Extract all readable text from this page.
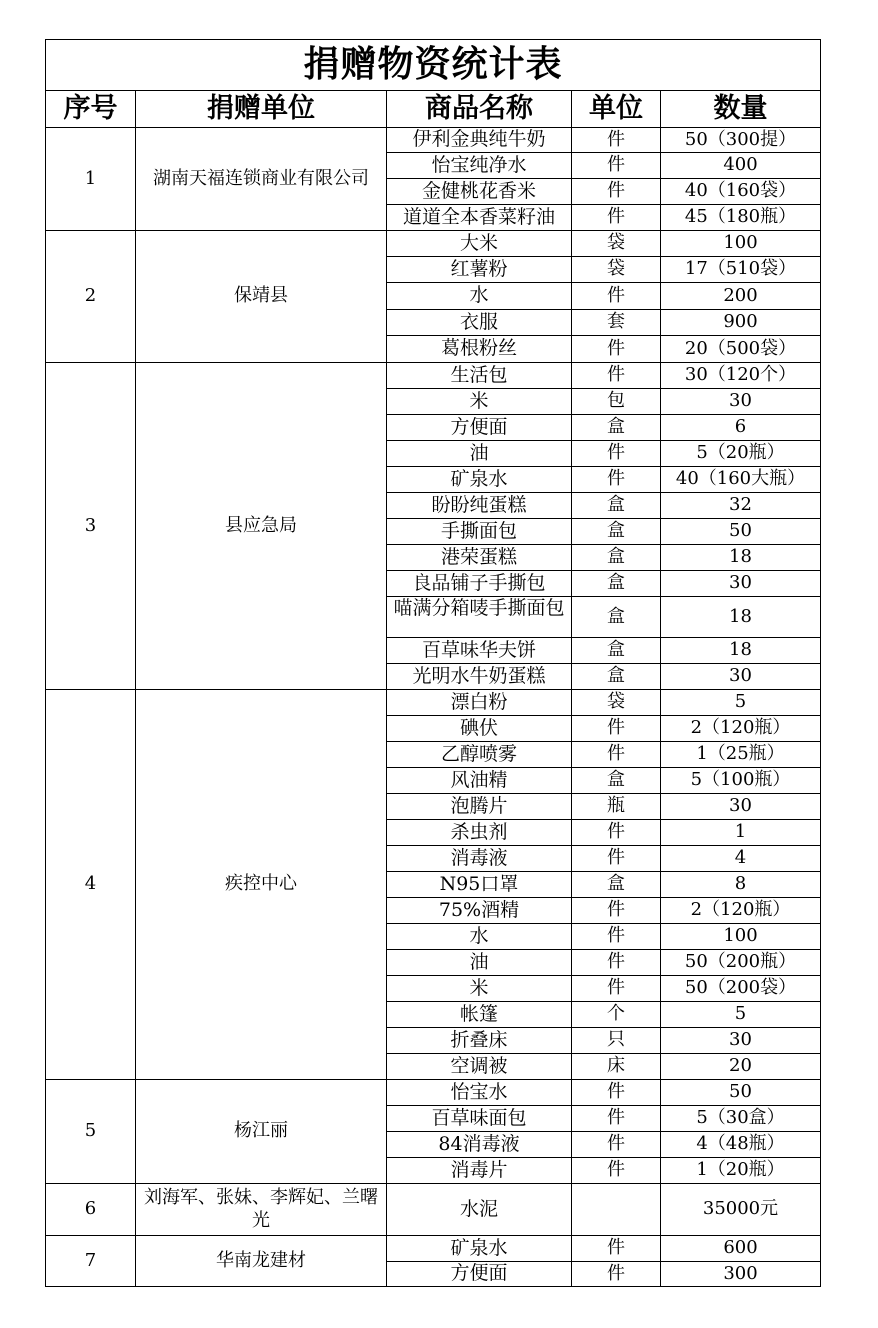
捐赠物资统计表				
序号	捐赠单位	商品名称	单位	数量
1	湖南天福连锁商业有限公司	伊利金典纯牛奶	件	50（300提）
		怡宝纯净水	件	400
		金健桃花香米	件	40（160袋）
		道道全本香菜籽油	件	45（180瓶）
2	保靖县	大米	袋	100
		红薯粉	袋	17（510袋）
		水	件	200
		衣服	套	900
		葛根粉丝	件	20（500袋）
3	县应急局	生活包	件	30（120个）
		米	包	30
		方便面	盒	6
		油	件	5（20瓶）
		矿泉水	件	40（160大瓶）
		盼盼纯蛋糕	盒	32
		手撕面包	盒	50
		港荣蛋糕	盒	18
		良品铺子手撕包	盒	30
		喵满分箱唛手撕面包	盒	18
		百草味华夫饼	盒	18
		光明水牛奶蛋糕	盒	30
4	疾控中心	漂白粉	袋	5
		碘伏	件	2（120瓶）
		乙醇喷雾	件	1（25瓶）
		风油精	盒	5（100瓶）
		泡腾片	瓶	30
		杀虫剂	件	1
		消毒液	件	4
		N95口罩	盒	8
		75%酒精	件	2（120瓶）
		水	件	100
		油	件	50（200瓶）
		米	件	50（200袋）
		帐篷	个	5
		折叠床	只	30
		空调被	床	20
5	杨江丽	怡宝水	件	50
		百草味面包	件	5（30盒）
		84消毒液	件	4（48瓶）
		消毒片	件	1（20瓶）
6	刘海军、张妹、李辉妃、兰曙光	水泥		35000元
7	华南龙建材	矿泉水	件	600
		方便面	件	300
